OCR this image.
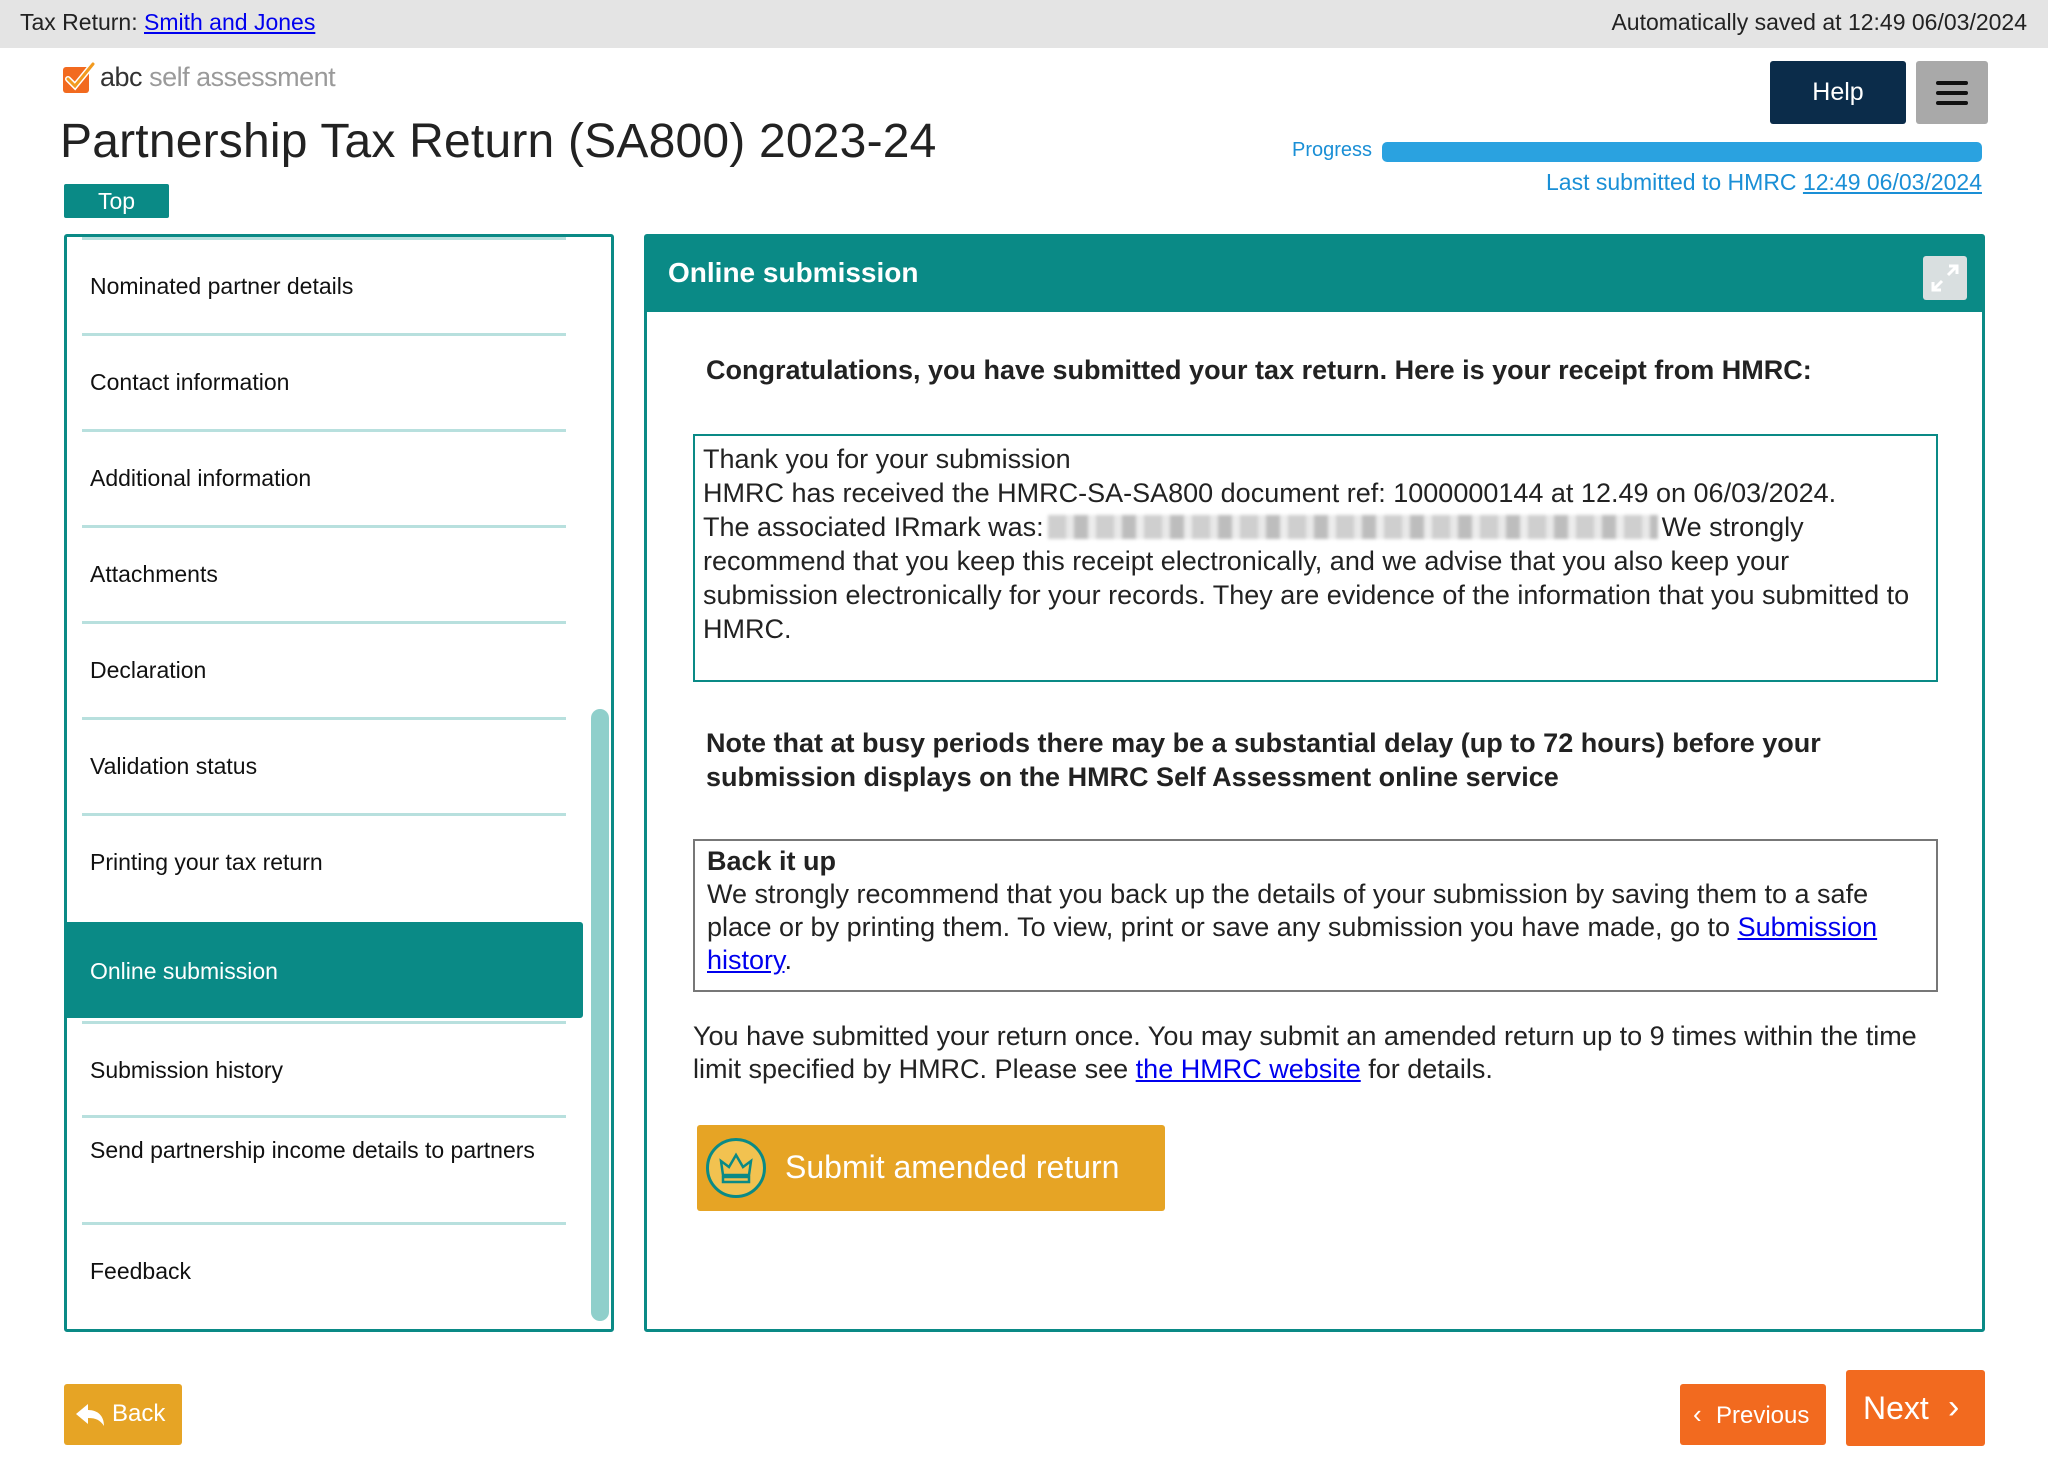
Tax Return: Smith and Jones	Automatically saved at 12:49 06/03/2024
abc self assessment
Partnership Tax Return (SA800) 2023-24
Top
Help
Progress
Last submitted to HMRC 12:49 06/03/2024
Nominated partner details
Contact information
Additional information
Attachments
Declaration
Validation status
Printing your tax return
Online submission
Submission history
Send partnership income details to partners
Feedback
Online submission
Congratulations, you have submitted your tax return. Here is your receipt from HMRC:
Thank you for your submission
HMRC has received the HMRC-SA-SA800 document ref: 1000000144 at 12.49 on 06/03/2024.
The associated IRmark was:	We strongly recommend that you keep this receipt electronically, and we advise that you also keep your submission electronically for your records. They are evidence of the information that you submitted to HMRC.
Note that at busy periods there may be a substantial delay (up to 72 hours) before your submission displays on the HMRC Self Assessment online service
Back it up
We strongly recommend that you back up the details of your submission by saving them to a safe place or by printing them. To view, print or save any submission you have made, go to Submission history.
You have submitted your return once. You may submit an amended return up to 9 times within the time limit specified by HMRC. Please see the HMRC website for details.
Submit amended return
Back	‹ Previous Next ›
